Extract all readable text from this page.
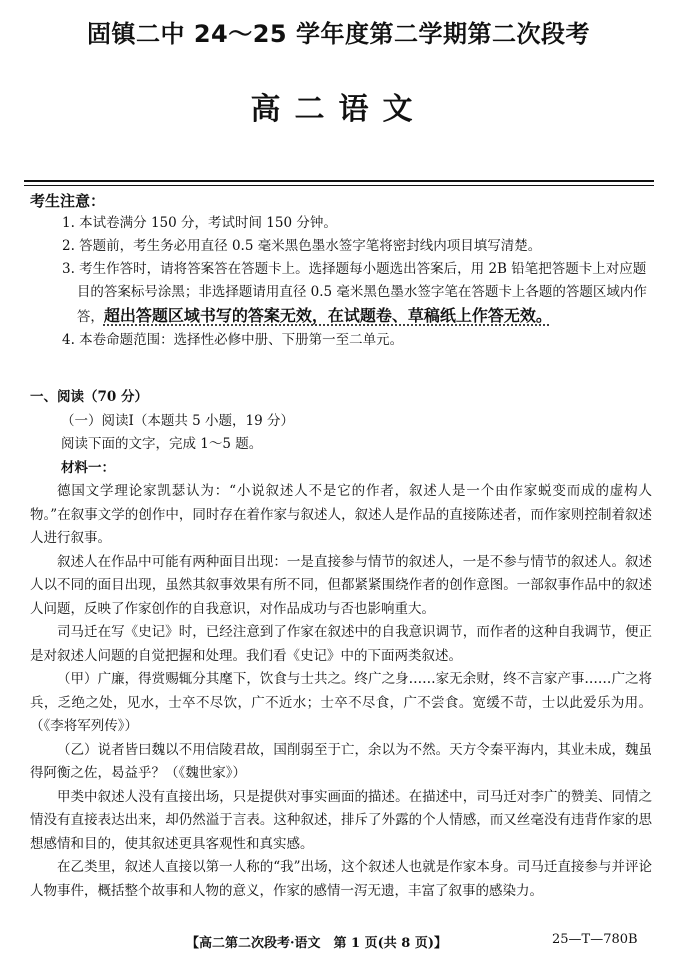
固镇二中 24～25 学年度第二学期第二次段考
高二语文
考生注意：
1. 本试卷满分 150 分，考试时间 150 分钟。
2. 答题前，考生务必用直径 0.5 毫米黑色墨水签字笔将密封线内项目填写清楚。
3. 考生作答时，请将答案答在答题卡上。选择题每小题选出答案后，用 2B 铅笔把答题卡上对应题目的答案标号涂黑；非选择题请用直径 0.5 毫米黑色墨水签字笔在答题卡上各题的答题区域内作答，超出答题区域书写的答案无效，在试题卷、草稿纸上作答无效。
4. 本卷命题范围：选择性必修中册、下册第一至二单元。
一、阅读（70 分）
（一）阅读Ⅰ（本题共 5 小题，19 分）
阅读下面的文字，完成 1～5 题。
材料一：
德国文学理论家凯瑟认为：“小说叙述人不是它的作者，叙述人是一个由作家蜕变而成的虚构人物。”在叙事文学的创作中，同时存在着作家与叙述人，叙述人是作品的直接陈述者，而作家则控制着叙述人进行叙事。
叙述人在作品中可能有两种面目出现：一是直接参与情节的叙述人，一是不参与情节的叙述人。叙述人以不同的面目出现，虽然其叙事效果有所不同，但都紧紧围绕作者的创作意图。一部叙事作品中的叙述人问题，反映了作家创作的自我意识，对作品成功与否也影响重大。
司马迁在写《史记》时，已经注意到了作家在叙述中的自我意识调节，而作者的这种自我调节，便正是对叙述人问题的自觉把握和处理。我们看《史记》中的下面两类叙述。
（甲）广廉，得赏赐辄分其麾下，饮食与士共之。终广之身……家无余财，终不言家产事……广之将兵，乏绝之处，见水，士卒不尽饮，广不近水；士卒不尽食，广不尝食。宽缓不苛，士以此爱乐为用。（《李将军列传》）
（乙）说者皆曰魏以不用信陵君故，国削弱至于亡，余以为不然。天方令秦平海内，其业未成，魏虽得阿衡之佐，曷益乎？（《魏世家》）
甲类中叙述人没有直接出场，只是提供对事实画面的描述。在描述中，司马迁对李广的赞美、同情之情没有直接表达出来，却仍然溢于言表。这种叙述，排斥了外露的个人情感，而又丝毫没有违背作家的思想感情和目的，使其叙述更具客观性和真实感。
在乙类里，叙述人直接以第一人称的“我”出场，这个叙述人也就是作家本身。司马迁直接参与并评论人物事件，概括整个故事和人物的意义，作家的感情一泻无遗，丰富了叙事的感染力。
【高二第二次段考·语文　第 1 页(共 8 页)】	25—T—780B
